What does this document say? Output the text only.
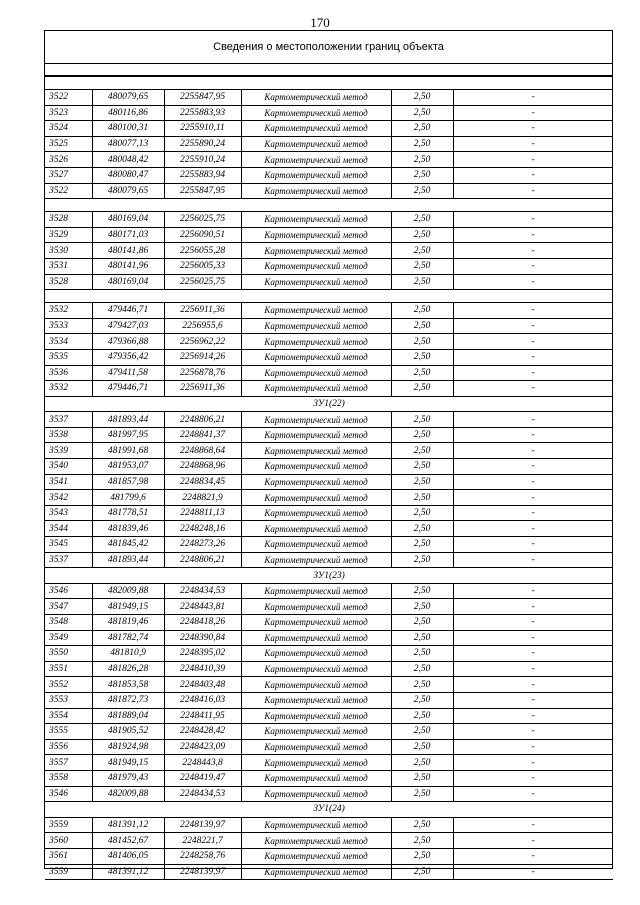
170
Сведения о местоположении границ объекта

3522	480079,65	2255847,95	Картометрический метод	2,50	-
3523	480116,86	2255883,93	Картометрический метод	2,50	-
3524	480100,31	2255910,11	Картометрический метод	2,50	-
3525	480077,13	2255890,24	Картометрический метод	2,50	-
3526	480048,42	2255910,24	Картометрический метод	2,50	-
3527	480080,47	2255883,94	Картометрический метод	2,50	-
3522	480079,65	2255847,95	Картометрический метод	2,50	-

3528	480169,04	2256025,75	Картометрический метод	2,50	-
3529	480171,03	2256090,51	Картометрический метод	2,50	-
3530	480141,86	2256055,28	Картометрический метод	2,50	-
3531	480141,96	2256005,33	Картометрический метод	2,50	-
3528	480169,04	2256025,75	Картометрический метод	2,50	-

3532	479446,71	2256911,36	Картометрический метод	2,50	-
3533	479427,03	2256955,6	Картометрический метод	2,50	-
3534	479366,88	2256962,22	Картометрический метод	2,50	-
3535	479356,42	2256914,26	Картометрический метод	2,50	-
3536	479411,58	2256878,76	Картометрический метод	2,50	-
3532	479446,71	2256911,36	Картометрический метод	2,50	-
ЗУ1(22)					
3537	481893,44	2248806,21	Картометрический метод	2,50	-
3538	481997,95	2248841,37	Картометрический метод	2,50	-
3539	481991,68	2248868,64	Картометрический метод	2,50	-
3540	481953,07	2248868,96	Картометрический метод	2,50	-
3541	481857,98	2248834,45	Картометрический метод	2,50	-
3542	481799,6	2248821,9	Картометрический метод	2,50	-
3543	481778,51	2248811,13	Картометрический метод	2,50	-
3544	481839,46	2248248,16	Картометрический метод	2,50	-
3545	481845,42	2248273,26	Картометрический метод	2,50	-
3537	481893,44	2248806,21	Картометрический метод	2,50	-
ЗУ1(23)					
3546	482009,88	2248434,53	Картометрический метод	2,50	-
3547	481949,15	2248443,81	Картометрический метод	2,50	-
3548	481819,46	2248418,26	Картометрический метод	2,50	-
3549	481782,74	2248390,84	Картометрический метод	2,50	-
3550	481810,9	2248395,02	Картометрический метод	2,50	-
3551	481826,28	2248410,39	Картометрический метод	2,50	-
3552	481853,58	2248403,48	Картометрический метод	2,50	-
3553	481872,73	2248416,03	Картометрический метод	2,50	-
3554	481889,04	2248411,95	Картометрический метод	2,50	-
3555	481905,52	2248428,42	Картометрический метод	2,50	-
3556	481924,98	2248423,09	Картометрический метод	2,50	-
3557	481949,15	2248443,8	Картометрический метод	2,50	-
3558	481979,43	2248419,47	Картометрический метод	2,50	-
3546	482009,88	2248434,53	Картометрический метод	2,50	-
ЗУ1(24)					
3559	481391,12	2248139,97	Картометрический метод	2,50	-
3560	481452,67	2248221,7	Картометрический метод	2,50	-
3561	481406,05	2248258,76	Картометрический метод	2,50	-
3559	481391,12	2248139,97	Картометрический метод	2,50	-
